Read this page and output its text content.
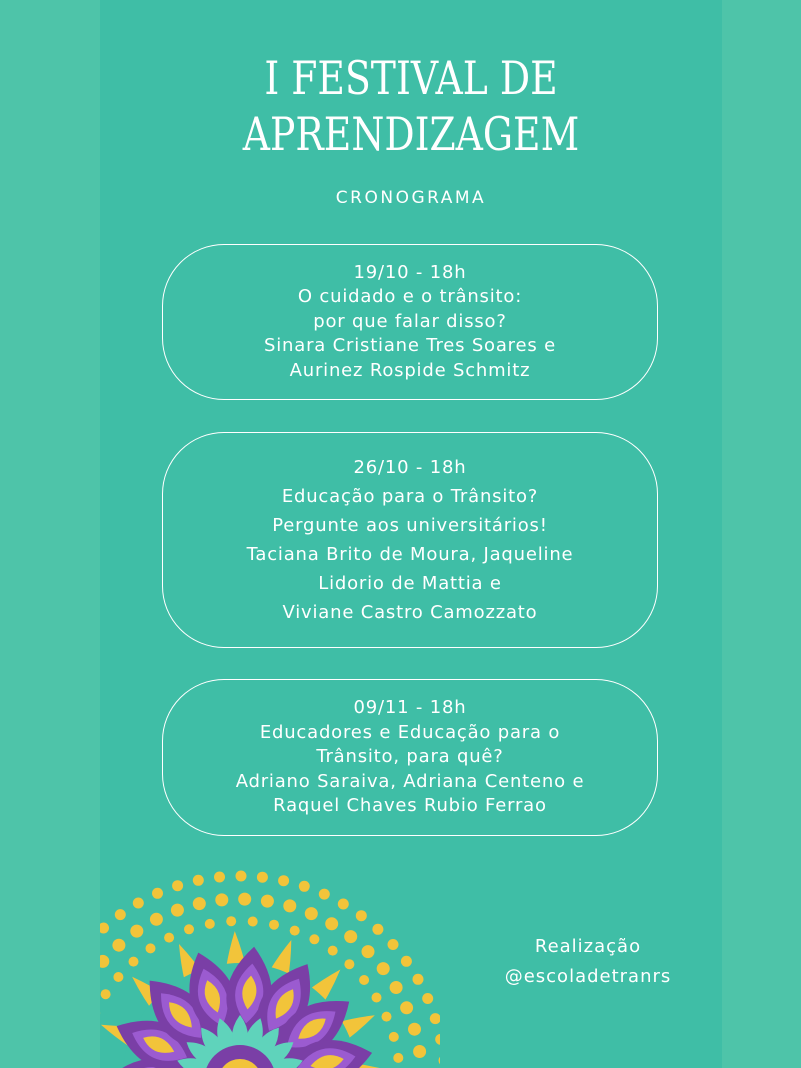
I FESTIVAL DE
APRENDIZAGEM
CRONOGRAMA
19/10 - 18h
O cuidado e o trânsito:
por que falar disso?
Sinara Cristiane Tres Soares e
Aurinez Rospide Schmitz
26/10 - 18h
Educação para o Trânsito?
Pergunte aos universitários!
Taciana Brito de Moura, Jaqueline
Lidorio de Mattia e
Viviane Castro Camozzato
09/11 - 18h
Educadores e Educação para o
Trânsito, para quê?
Adriano Saraiva, Adriana Centeno e
Raquel Chaves Rubio Ferrao
Realização
@escoladetranrs
